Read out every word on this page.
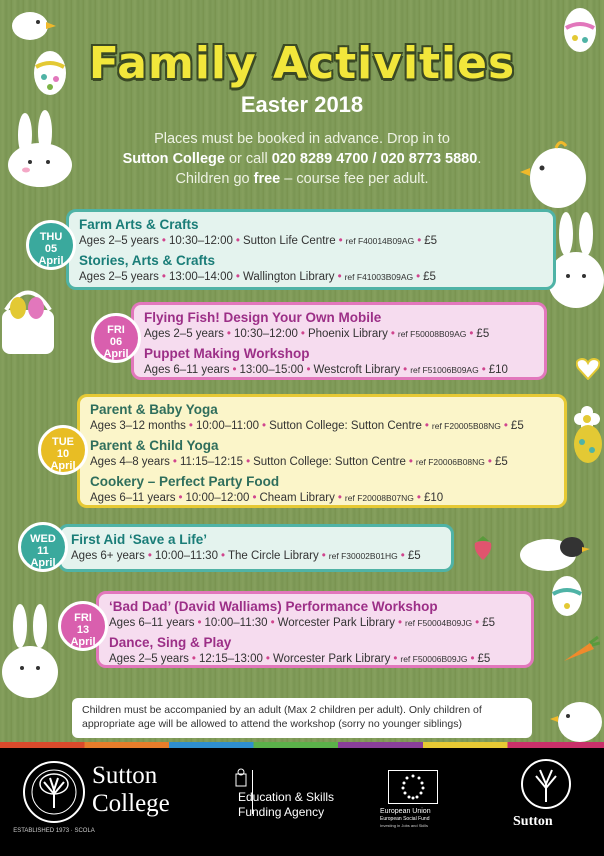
Family Activities
Easter 2018
Places must be booked in advance. Drop in to
Sutton College or call 020 8289 4700 / 020 8773 5880.
Children go free – course fee per adult.
Farm Arts & Crafts
Ages 2–5 years • 10:30–12:00 • Sutton Life Centre • ref F40014B09AG • £5
Stories, Arts & Crafts
Ages 2–5 years • 13:00–14:00 • Wallington Library • ref F41003B09AG • £5
THU
05
April
Flying Fish! Design Your Own Mobile
Ages 2–5 years • 10:30–12:00 • Phoenix Library • ref F50008B09AG • £5
Puppet Making Workshop
Ages 6–11 years • 13:00–15:00 • Westcroft Library • ref F51006B09AG • £10
FRI
06
April
Parent & Baby Yoga
Ages 3–12 months • 10:00–11:00 • Sutton College: Sutton Centre • ref F20005B08NG • £5
Parent & Child Yoga
Ages 4–8 years • 11:15–12:15 • Sutton College: Sutton Centre • ref F20006B08NG • £5
Cookery – Perfect Party Food
Ages 6–11 years • 10:00–12:00 • Cheam Library • ref F20008B07NG • £10
TUE
10
April
First Aid ‘Save a Life’
Ages 6+ years • 10:00–11:30 • The Circle Library • ref F30002B01HG • £5
WED
11
April
‘Bad Dad’ (David Walliams) Performance Workshop
Ages 6–11 years • 10:00–11:30 • Worcester Park Library • ref F50004B09JG • £5
Dance, Sing & Play
Ages 2–5 years • 12:15–13:00 • Worcester Park Library • ref F50006B09JG • £5
FRI
13
April
Children must be accompanied by an adult (Max 2 children per adult). Only children of appropriate age will be allowed to attend the workshop (sorry no younger siblings)
ESTABLISHED 1973 · SCOLA
Sutton
College	Education & Skills
Funding Agency	European Union
European Social Fund
Investing in Jobs and Skills	Sutton
